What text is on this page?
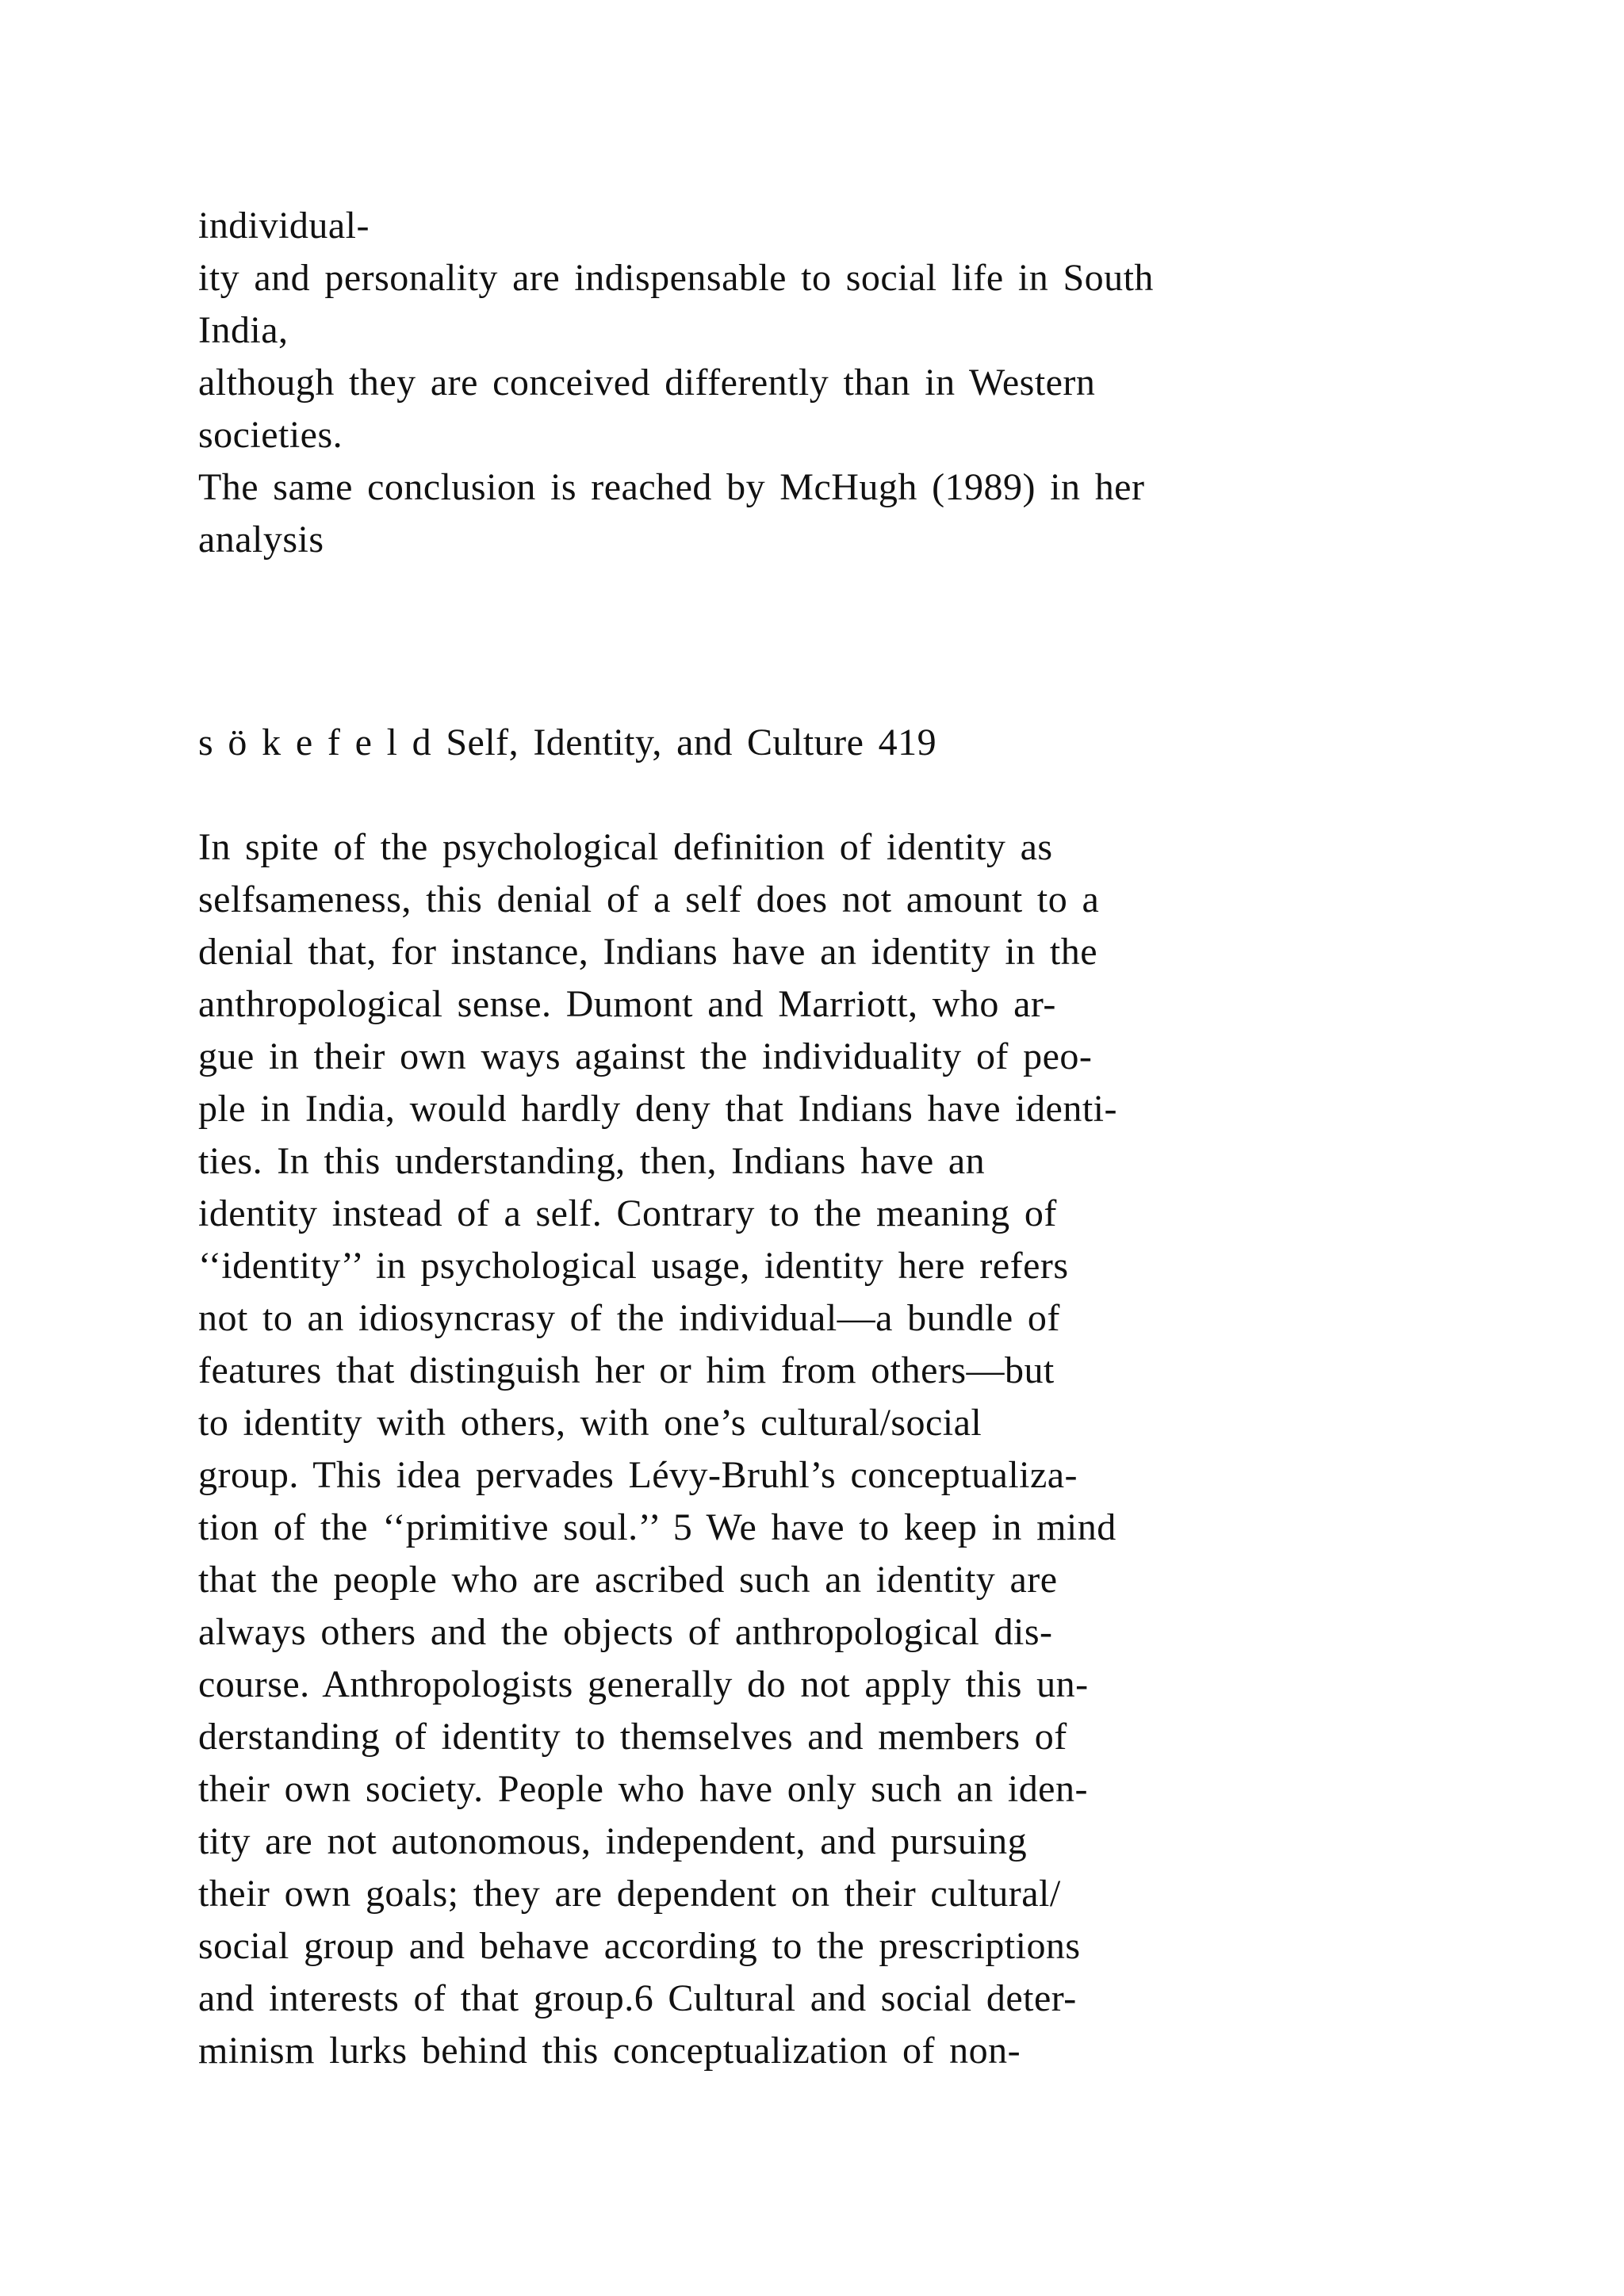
individual-
ity and personality are indispensable to social life in South
India,
although they are conceived differently than in Western
societies.
The same conclusion is reached by McHugh (1989) in her
analysis
s ö k e f e l d Self, Identity, and Culture 419
In spite of the psychological definition of identity as
selfsameness, this denial of a self does not amount to a
denial that, for instance, Indians have an identity in the
anthropological sense. Dumont and Marriott, who ar-
gue in their own ways against the individuality of peo-
ple in India, would hardly deny that Indians have identi-
ties. In this understanding, then, Indians have an
identity instead of a self. Contrary to the meaning of
‘‘identity’’ in psychological usage, identity here refers
not to an idiosyncrasy of the individual—a bundle of
features that distinguish her or him from others—but
to identity with others, with one’s cultural/social
group. This idea pervades Lévy-Bruhl’s conceptualiza-
tion of the ‘‘primitive soul.’’ 5 We have to keep in mind
that the people who are ascribed such an identity are
always others and the objects of anthropological dis-
course. Anthropologists generally do not apply this un-
derstanding of identity to themselves and members of
their own society. People who have only such an iden-
tity are not autonomous, independent, and pursuing
their own goals; they are dependent on their cultural/
social group and behave according to the prescriptions
and interests of that group.6 Cultural and social deter-
minism lurks behind this conceptualization of non-
